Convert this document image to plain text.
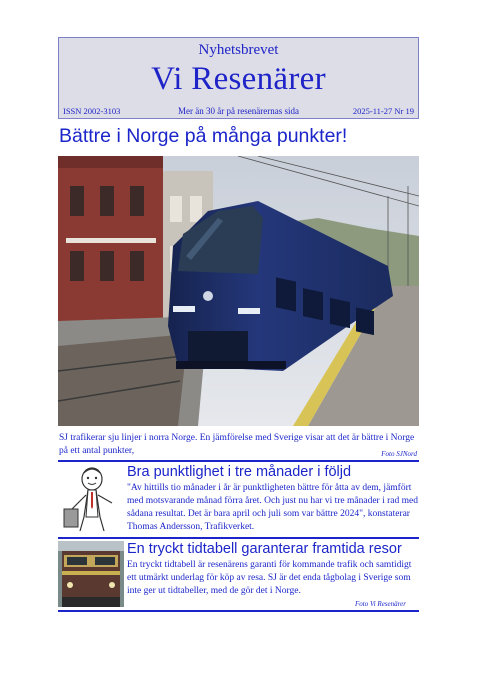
Nyhetsbrevet
Vi Resenärer
ISSN 2002-3103	Mer än 30 år på resenärernas sida	2025-11-27 Nr 19
Bättre i Norge på många punkter!
SJ trafikerar sju linjer i norra Norge. En jämförelse med Sverige visar att det är bättre i Norge på ett antal punkter,	Foto SJNord
Bra punktlighet i tre månader i följd
"Av hittills tio månader i år är punktligheten bättre för åtta av dem, jämfört med motsvarande månad förra året. Och just nu har vi tre månader i rad med sådana resultat. Det är bara april och juli som var bättre 2024", konstaterar Thomas Andersson, Trafikverket.
En tryckt tidtabell garanterar framtida resor
En tryckt tidtabell är resenärens garanti för kommande trafik och samtidigt ett utmärkt underlag för köp av resa. SJ är det enda tågbolag i Sverige som inte ger ut tidtabeller, med de gör det i Norge.
Foto Vi Resenärer
